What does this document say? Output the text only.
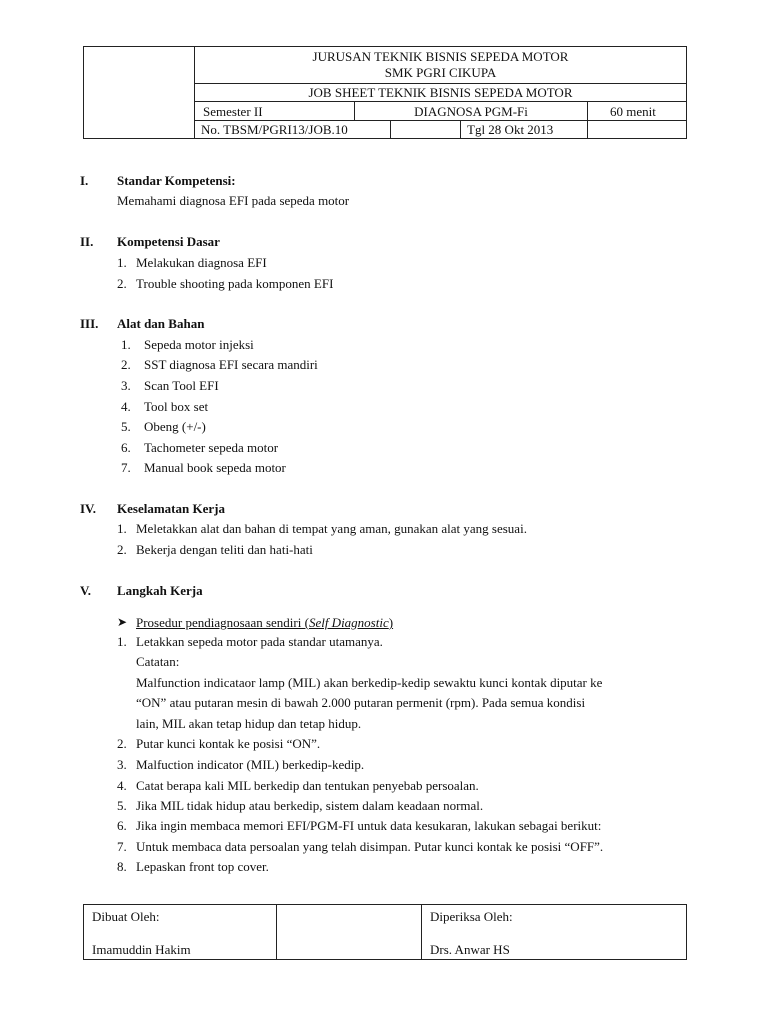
JURUSAN TEKNIK BISNIS SEPEDA MOTOR
SMK PGRI CIKUPA
JOB SHEET TEKNIK BISNIS SEPEDA MOTOR
Semester II	DIAGNOSA PGM-Fi	60 menit
No. TBSM/PGRI13/JOB.10	Tgl 28 Okt 2013
I. Standar Kompetensi:
Memahami diagnosa EFI pada sepeda motor
II. Kompetensi Dasar
1. Melakukan diagnosa EFI
2. Trouble shooting pada komponen EFI
III. Alat dan Bahan
1. Sepeda motor injeksi
2. SST diagnosa EFI secara mandiri
3. Scan Tool EFI
4. Tool box set
5. Obeng (+/-)
6. Tachometer sepeda motor
7. Manual book sepeda motor
IV. Keselamatan Kerja
1. Meletakkan alat dan bahan di tempat yang aman, gunakan alat yang sesuai.
2. Bekerja dengan teliti dan hati-hati
V. Langkah Kerja
➤ Prosedur pendiagnosaan sendiri (Self Diagnostic)
1. Letakkan sepeda motor pada standar utamanya.
Catatan:
Malfunction indicataor lamp (MIL) akan berkedip-kedip sewaktu kunci kontak diputar ke
“ON” atau putaran mesin di bawah 2.000 putaran permenit (rpm). Pada semua kondisi
lain, MIL akan tetap hidup dan tetap hidup.
2. Putar kunci kontak ke posisi “ON”.
3. Malfuction indicator (MIL) berkedip-kedip.
4. Catat berapa kali MIL berkedip dan tentukan penyebab persoalan.
5. Jika MIL tidak hidup atau berkedip, sistem dalam keadaan normal.
6. Jika ingin membaca memori EFI/PGM-FI untuk data kesukaran, lakukan sebagai berikut:
7. Untuk membaca data persoalan yang telah disimpan. Putar kunci kontak ke posisi “OFF”.
8. Lepaskan front top cover.
Dibuat Oleh:
Imamuddin Hakim
Diperiksa Oleh:
Drs. Anwar HS
